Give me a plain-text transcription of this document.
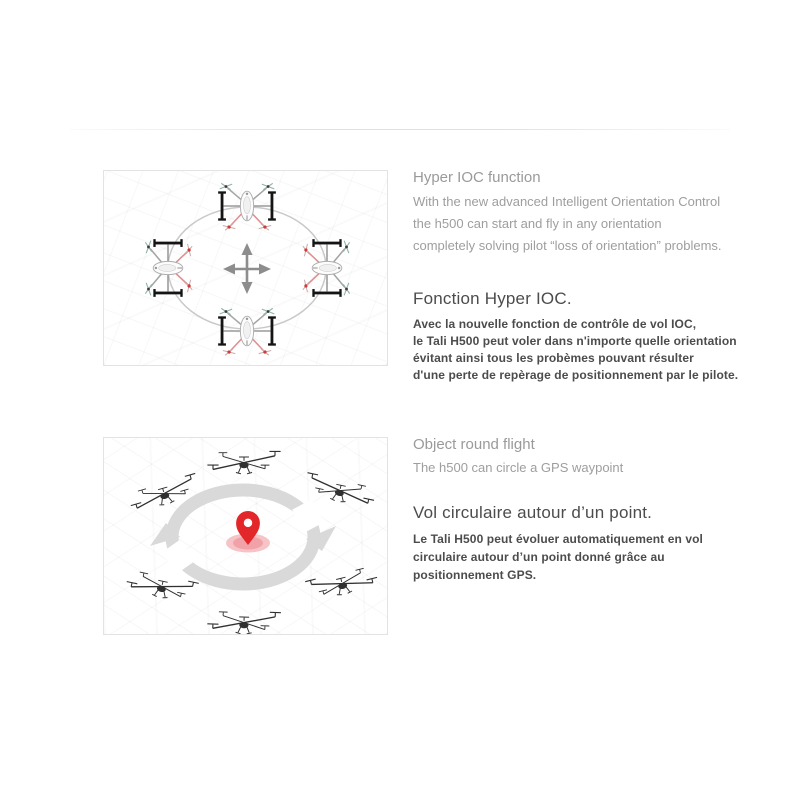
Hyper IOC function
With the new advanced Intelligent Orientation Control
the h500 can start and fly in any orientation
completely solving pilot “loss of orientation” problems.
Fonction Hyper IOC.
Avec la nouvelle fonction de contrôle de vol IOC,
le Tali H500 peut voler dans n'importe quelle orientation
évitant ainsi tous les probèmes pouvant résulter
d'une perte de repèrage de positionnement par le pilote.
Object round flight
The h500 can circle a GPS waypoint
Vol circulaire autour d’un point.
Le Tali H500 peut évoluer automatiquement en vol
circulaire autour d’un point donné grâce au
positionnement GPS.
